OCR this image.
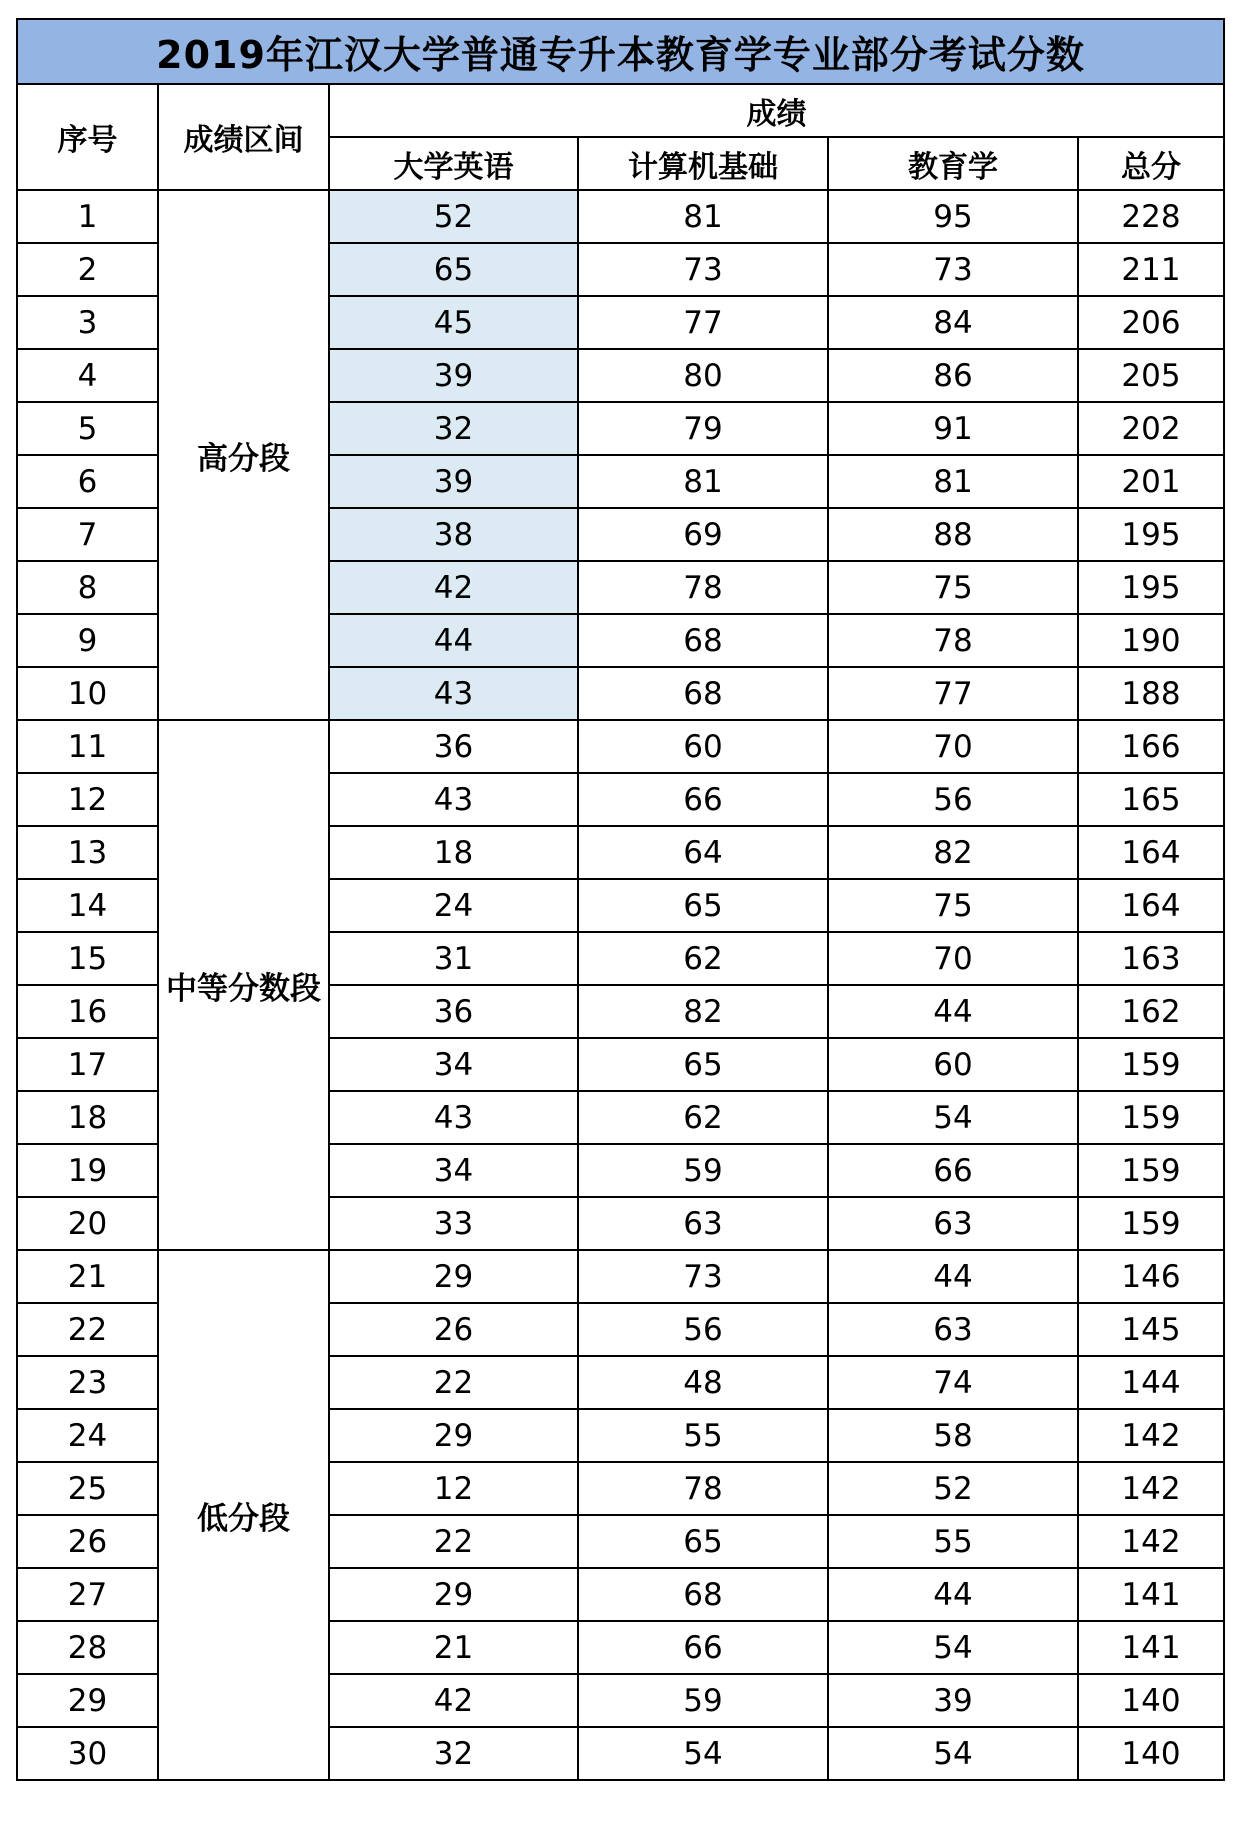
2019年江汉大学普通专升本教育学专业部分考试分数					
序号	成绩区间	成绩			
		大学英语	计算机基础	教育学	总分
1	高分段	52	81	95	228
2		65	73	73	211
3		45	77	84	206
4		39	80	86	205
5		32	79	91	202
6		39	81	81	201
7		38	69	88	195
8		42	78	75	195
9		44	68	78	190
10		43	68	77	188
11	中等分数段	36	60	70	166
12		43	66	56	165
13		18	64	82	164
14		24	65	75	164
15		31	62	70	163
16		36	82	44	162
17		34	65	60	159
18		43	62	54	159
19		34	59	66	159
20		33	63	63	159
21	低分段	29	73	44	146
22		26	56	63	145
23		22	48	74	144
24		29	55	58	142
25		12	78	52	142
26		22	65	55	142
27		29	68	44	141
28		21	66	54	141
29		42	59	39	140
30		32	54	54	140
